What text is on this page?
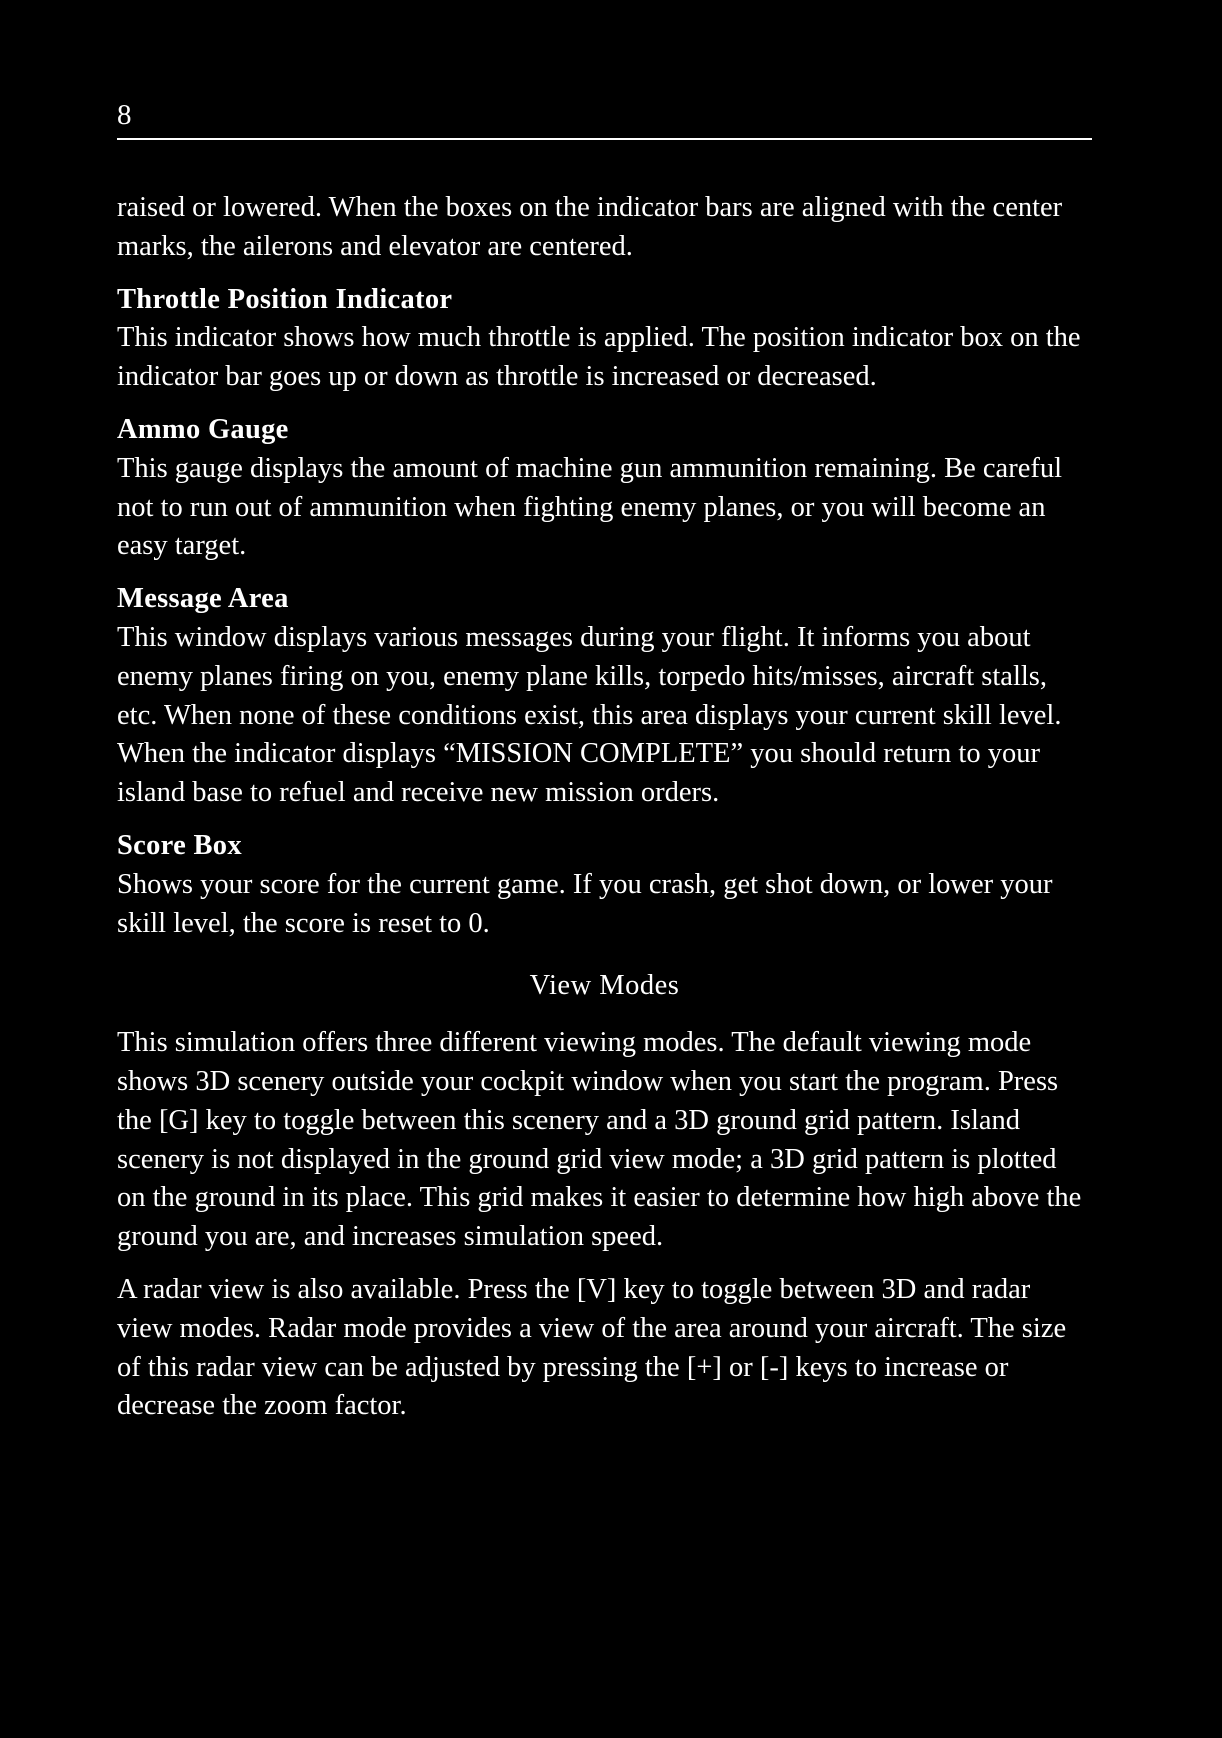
8

raised or lowered. When the boxes on the indicator bars are aligned with the center marks, the ailerons and elevator are centered.

Throttle Position Indicator

This indicator shows how much throttle is applied. The position indicator box on the indicator bar goes up or down as throttle is increased or decreased.

Ammo Gauge

This gauge displays the amount of machine gun ammunition remaining. Be careful not to run out of ammunition when fighting enemy planes, or you will become an easy target.

Message Area

This window displays various messages during your flight. It informs you about enemy planes firing on you, enemy plane kills, torpedo hits/misses, aircraft stalls, etc. When none of these conditions exist, this area displays your current skill level. When the indicator displays “MISSION COMPLETE” you should return to your island base to refuel and receive new mission orders.

Score Box

Shows your score for the current game. If you crash, get shot down, or lower your skill level, the score is reset to 0.

View Modes

This simulation offers three different viewing modes. The default viewing mode shows 3D scenery outside your cockpit window when you start the program. Press the [G] key to toggle between this scenery and a 3D ground grid pattern. Island scenery is not displayed in the ground grid view mode; a 3D grid pattern is plotted on the ground in its place. This grid makes it easier to determine how high above the ground you are, and increases simulation speed.

A radar view is also available. Press the [V] key to toggle between 3D and radar view modes. Radar mode provides a view of the area around your aircraft. The size of this radar view can be adjusted by pressing the [+] or [-] keys to increase or decrease the zoom factor.
